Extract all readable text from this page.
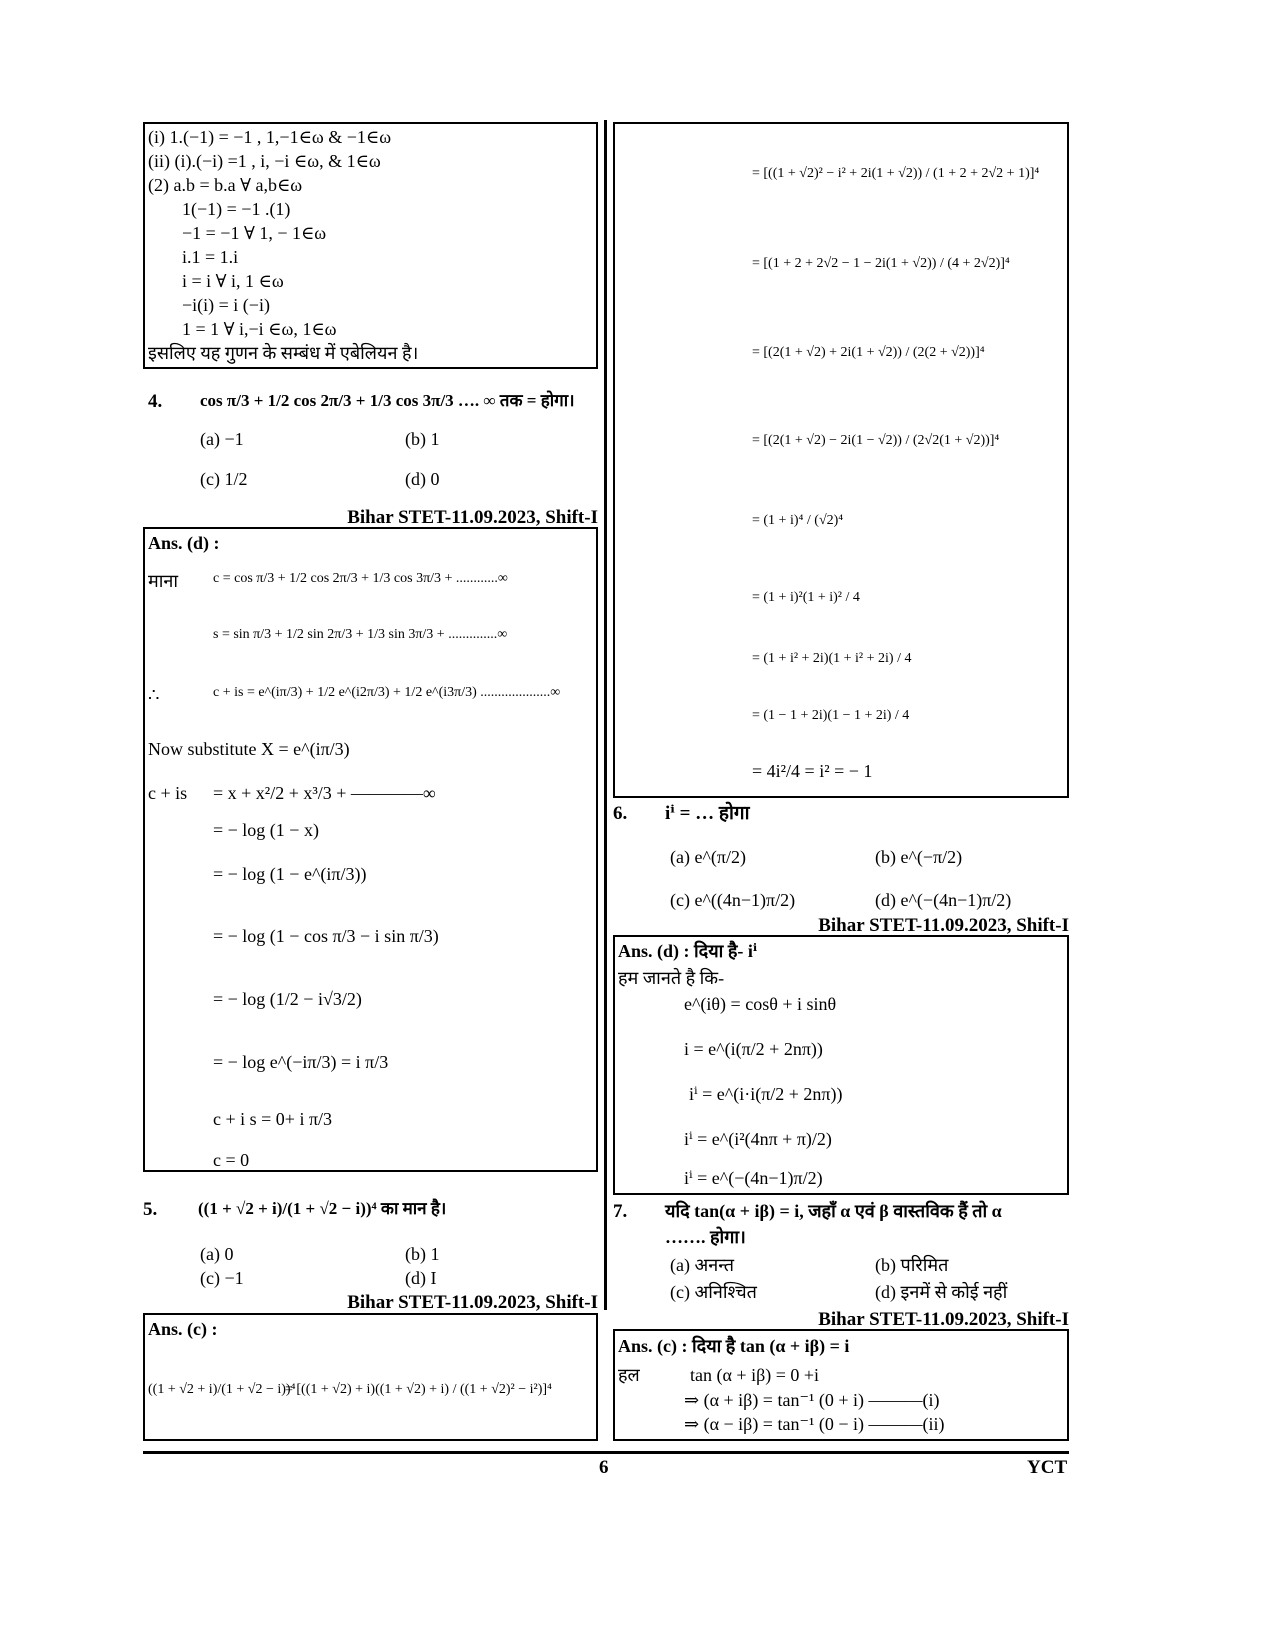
(i) 1.(−1) = −1 , 1,−1∈ω & −1∈ω
(ii) (i).(−i) =1 , i, −i ∈ω, & 1∈ω
(2) a.b = b.a ∀ a,b∈ω
1(−1) = −1 .(1)
−1 = −1 ∀ 1, − 1∈ω
i.1 = 1.i
i = i ∀ i, 1 ∈ω
−i(i) = i (−i)
1 = 1 ∀ i,−i ∈ω, 1∈ω
इसलिए यह गुणन के सम्बंध में एबेलियन है।
4. cos π/3 + 1/2 cos 2π/3 + 1/3 cos 3π/3 …. ∞ तक = होगा।
(a) −1	(b) 1
(c) 1/2	(d) 0
Bihar STET-11.09.2023, Shift-I
Ans. (d) :
माना c = cos π/3 + 1/2 cos 2π/3 + 1/3 cos 3π/3 + ............∞
s = sin π/3 + 1/2 sin 2π/3 + 1/3 sin 3π/3 + ..............∞
∴	c + is = e^(iπ/3) + 1/2 e^(i2π/3) + 1/2 e^(i3π/3) ....................∞
Now substitute X = e^(iπ/3)
c + is = x + x²/2 + x³/3 + ————∞
= − log (1 − x)
= − log (1 − e^(iπ/3))
= − log (1 − cos π/3 − i sin π/3)
= − log (1/2 − i√3/2)
= − log e^(−iπ/3) = i π/3
c + i s = 0+ i π/3
c = 0
5. ((1 + √2 + i)/(1 + √2 − i))⁴ का मान है।
(a) 0	(b) 1
(c) −1	(d) I
Bihar STET-11.09.2023, Shift-I
Ans. (c) :
((1 + √2 + i)/(1 + √2 − i))⁴
= [((1 + √2) + i)((1 + √2) + i) / ((1 + √2)² − i²)]⁴
= [((1 + √2)² − i² + 2i(1 + √2)) / (1 + 2 + 2√2 + 1)]⁴
= [(1 + 2 + 2√2 − 1 − 2i(1 + √2)) / (4 + 2√2)]⁴
= [(2(1 + √2) + 2i(1 + √2)) / (2(2 + √2))]⁴
= [(2(1 + √2) − 2i(1 − √2)) / (2√2(1 + √2))]⁴
= (1 + i)⁴ / (√2)⁴
= (1 + i)²(1 + i)² / 4
= (1 + i² + 2i)(1 + i² + 2i) / 4
= (1 − 1 + 2i)(1 − 1 + 2i) / 4
= 4i²/4 = i² = − 1
6. iⁱ = … होगा
(a) e^(π/2)	(b) e^(−π/2)
(c) e^((4n−1)π/2)	(d) e^(−(4n−1)π/2)
Bihar STET-11.09.2023, Shift-I
Ans. (d) : दिया है- iⁱ
हम जानते है कि-
e^(iθ) = cosθ + i sinθ
i = e^(i(π/2 + 2nπ))
iⁱ = e^(i·i(π/2 + 2nπ))
iⁱ = e^(i²(4nπ + π)/2)
iⁱ = e^(−(4n−1)π/2)
7. यदि tan(α + iβ) = i, जहाँ α एवं β वास्तविक हैं तो α
……. होगा।
(a) अनन्त	(b) परिमित
(c) अनिश्चित	(d) इनमें से कोई नहीं
Bihar STET-11.09.2023, Shift-I
Ans. (c) : दिया है tan (α + iβ) = i
हल	tan (α + iβ) = 0 +i
⇒ (α + iβ) = tan⁻¹ (0 + i) ———(i)
⇒ (α − iβ) = tan⁻¹ (0 − i) ———(ii)
6	YCT
